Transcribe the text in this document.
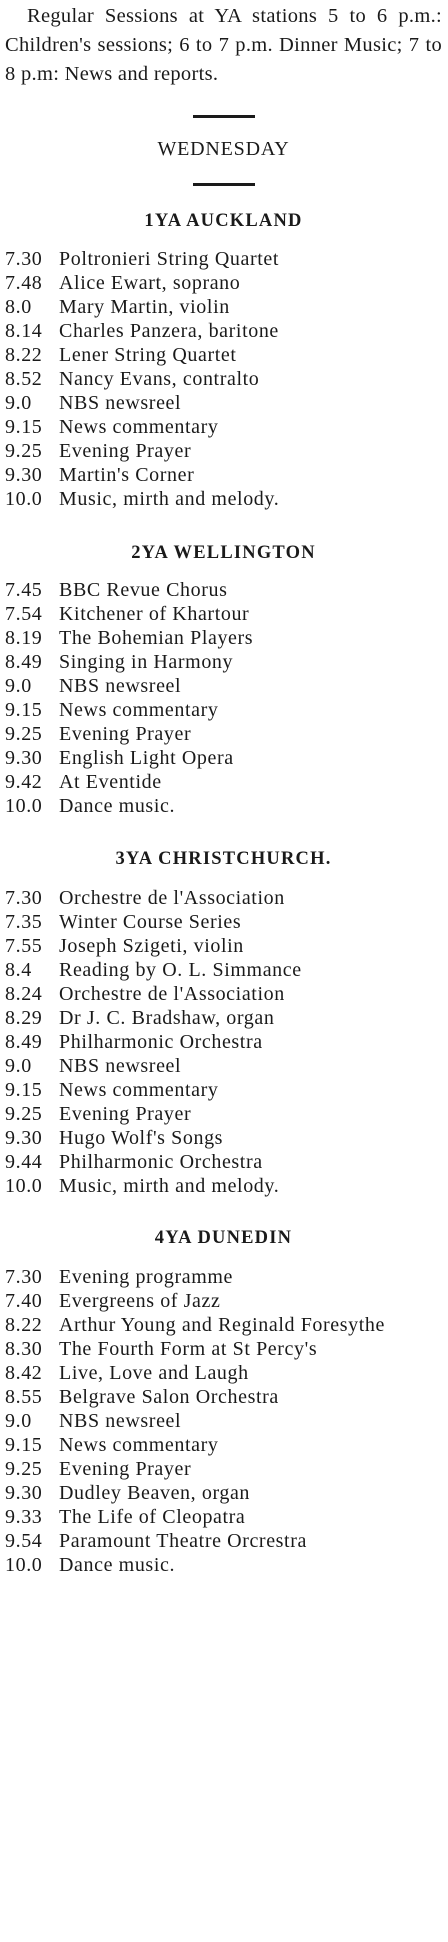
Regular Sessions at YA stations 5 to 6 p.m.: Children's sessions; 6 to 7 p.m. Dinner Music; 7 to 8 p.m: News and reports.

WEDNESDAY
1YA AUCKLAND
7.30 Poltronieri String Quartet
7.48 Alice Ewart, soprano
8.0	Mary Martin, violin
8.14 Charles Panzera, baritone
8.22 Lener String Quartet
8.52 Nancy Evans, contralto
9.0	NBS newsreel
9.15 News commentary
9.25 Evening Prayer
9.30 Martin's Corner
10.0 Music, mirth and melody.
2YA WELLINGTON
7.45 BBC Revue Chorus
7.54 Kitchener of Khartour
8.19 The Bohemian Players
8.49 Singing in Harmony
9.0	NBS newsreel
9.15 News commentary
9.25 Evening Prayer
9.30 English Light Opera
9.42 At Eventide
10.0 Dance music.
3YA CHRISTCHURCH.
7.30 Orchestre de l'Association
7.35 Winter Course Series
7.55 Joseph Szigeti, violin
8.4	Reading by O. L. Simmance
8.24 Orchestre de l'Association
8.29 Dr J. C. Bradshaw, organ
8.49 Philharmonic Orchestra
9.0	NBS newsreel
9.15 News commentary
9.25 Evening Prayer
9.30 Hugo Wolf's Songs
9.44 Philharmonic Orchestra
10.0 Music, mirth and melody.
4YA DUNEDIN
7.30 Evening programme
7.40 Evergreens of Jazz
8.22 Arthur Young and Reginald Foresythe
8.30 The Fourth Form at St Percy's
8.42 Live, Love and Laugh
8.55 Belgrave Salon Orchestra
9.0	NBS newsreel
9.15 News commentary
9.25 Evening Prayer
9.30 Dudley Beaven, organ
9.33 The Life of Cleopatra
9.54 Paramount Theatre Orcrestra
10.0 Dance music.
